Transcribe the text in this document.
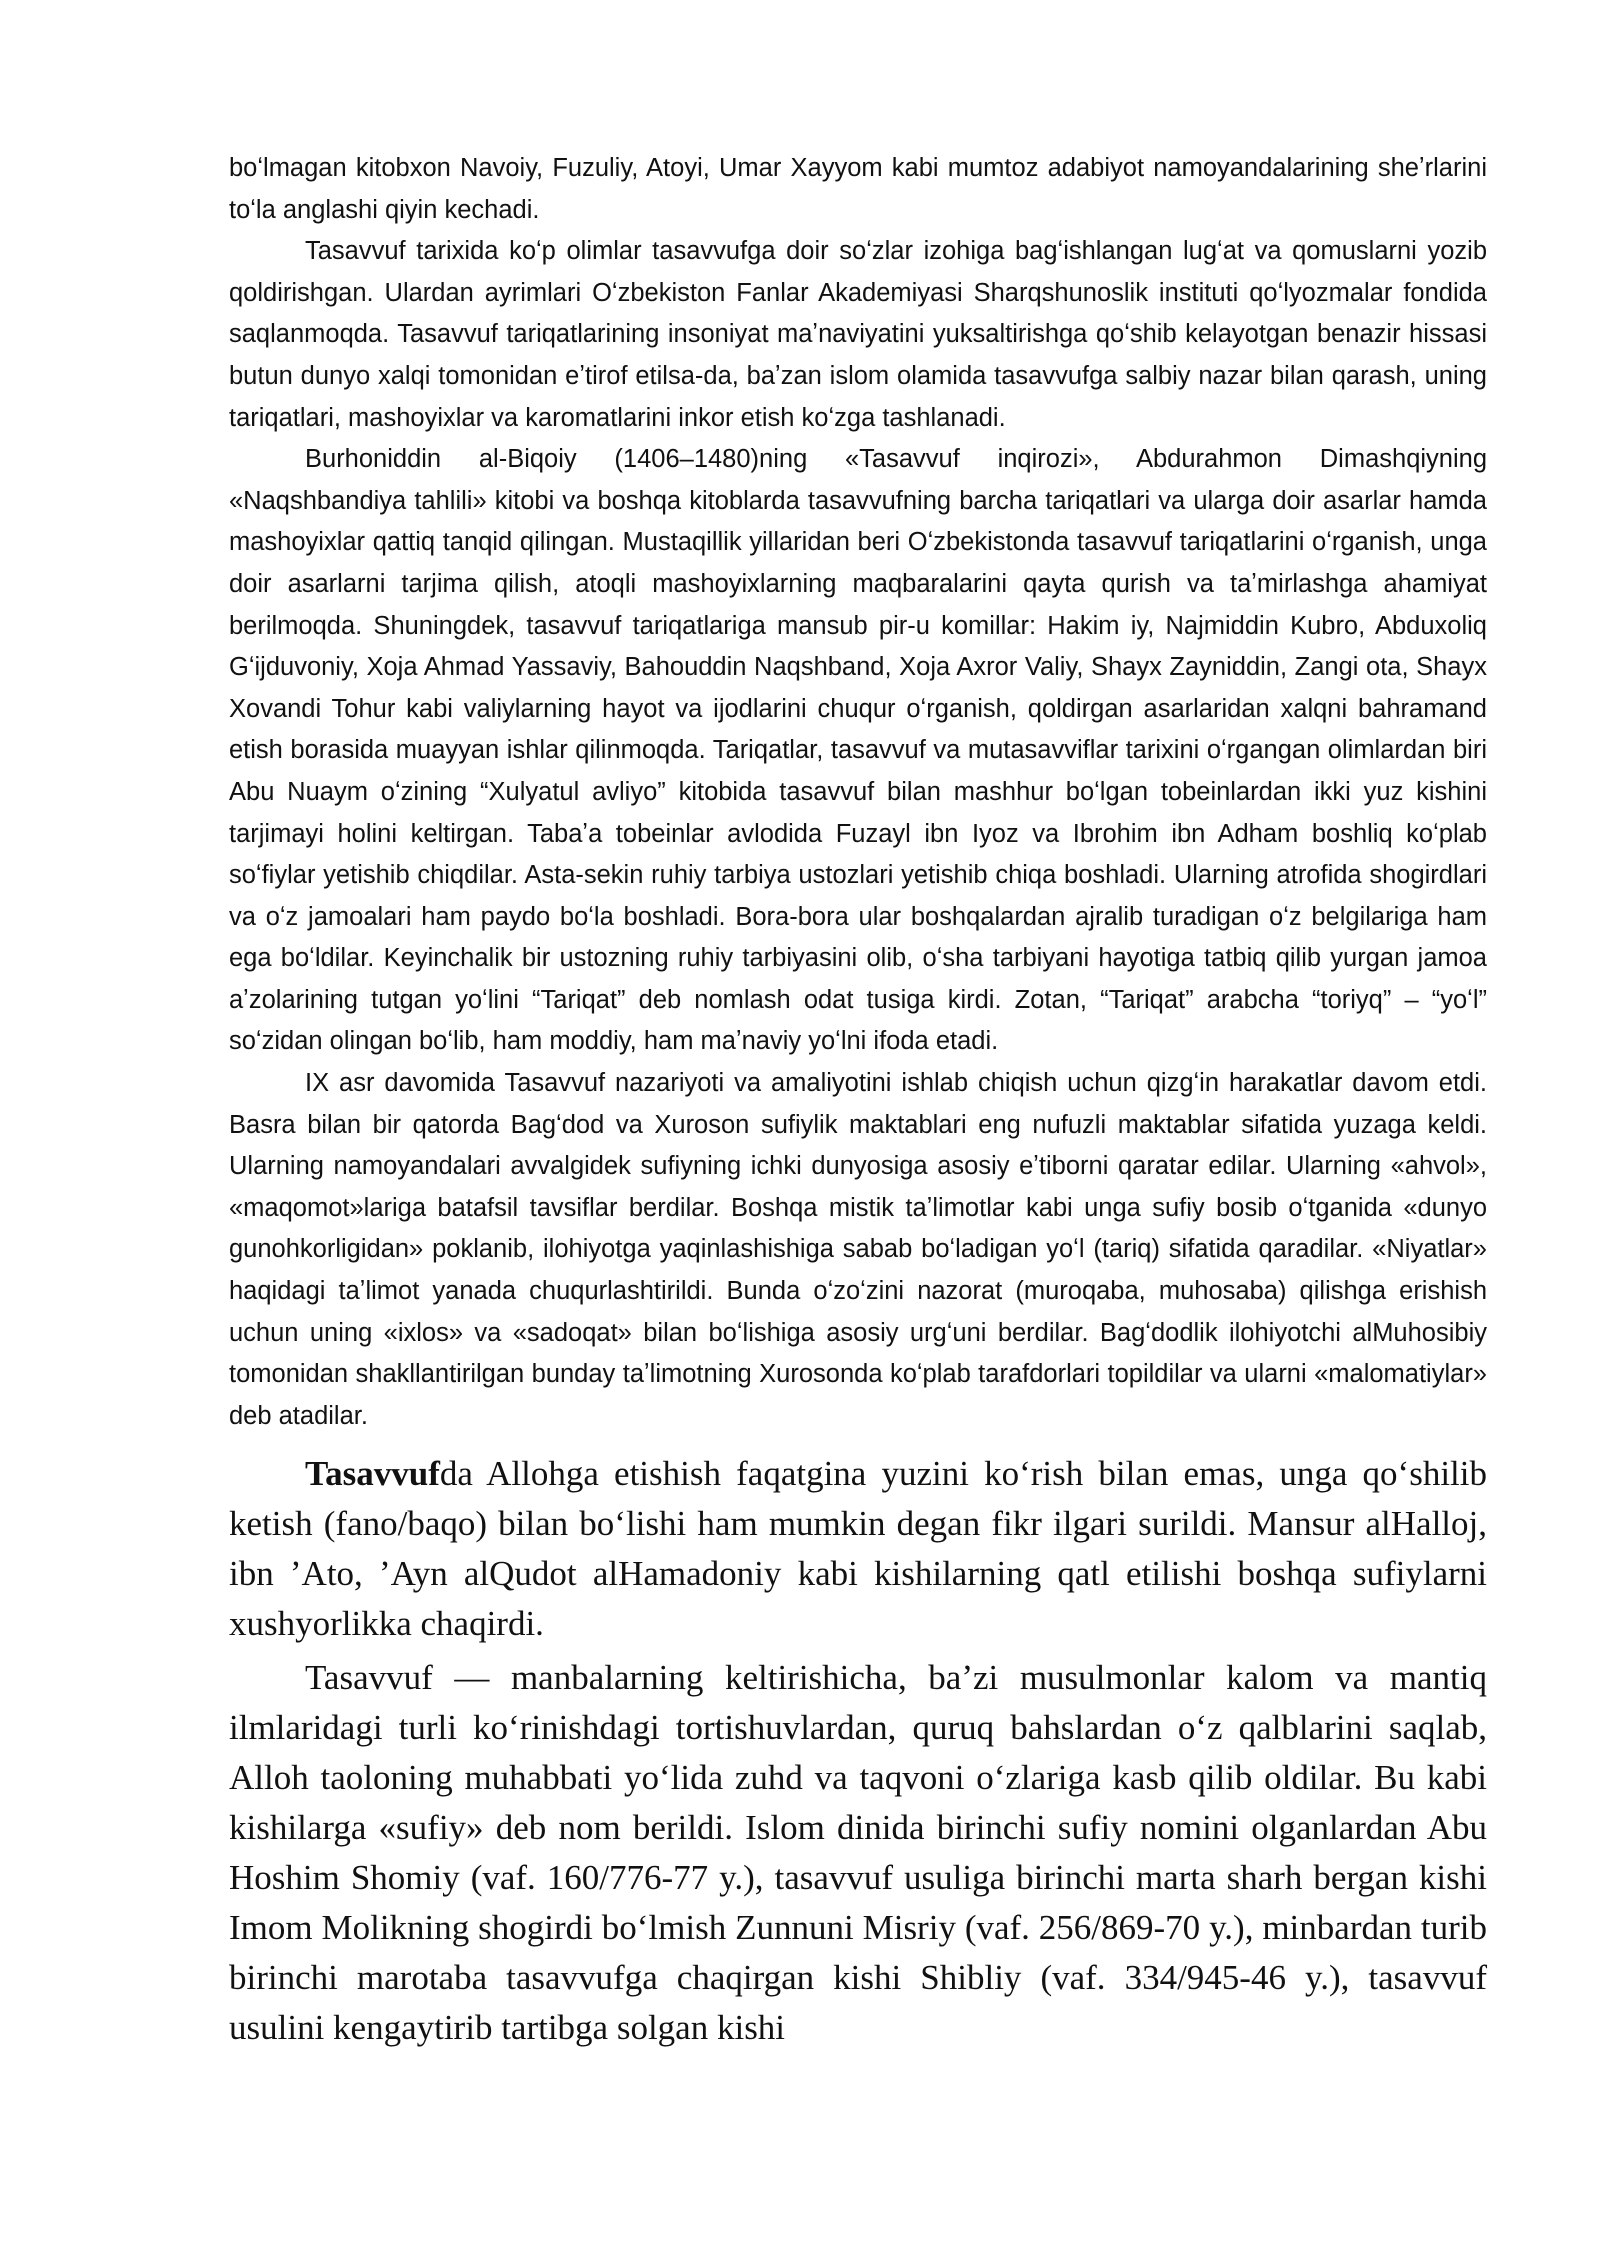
boʻlmagan kitobxon Navoiy, Fuzuliy, Atoyi, Umar Xayyom kabi mumtoz adabiyot namoyandalarining sheʼrlarini toʻla anglashi qiyin kechadi.

Tasavvuf tarixida koʻp olimlar tasavvufga doir soʻzlar izohiga bagʻishlangan lugʻat va qomuslarni yozib qoldirishgan. Ulardan ayrimlari Oʻzbekiston Fanlar Akademiyasi Sharqshunoslik instituti qoʻlyozmalar fondida saqlanmoqda. Tasavvuf tariqatlarining insoniyat maʼnaviyatini yuksaltirishga qoʻshib kelayotgan benazir hissasi butun dunyo xalqi tomonidan eʼtirof etilsa-da, baʼzan islom olamida tasavvufga salbiy nazar bilan qarash, uning tariqatlari, mashoyixlar va karomatlarini inkor etish koʻzga tashlanadi.

Burhoniddin al-Biqoiy (1406–1480)ning «Tasavvuf inqirozi», Abdurahmon Dimashqiyning «Naqshbandiya tahlili» kitobi va boshqa kitoblarda tasavvufning barcha tariqatlari va ularga doir asarlar hamda mashoyixlar qattiq tanqid qilingan. Mustaqillik yillaridan beri Oʻzbekistonda tasavvuf tariqatlarini oʻrganish, unga doir asarlarni tarjima qilish, atoqli mashoyixlarning maqbaralarini qayta qurish va taʼmirlashga ahamiyat berilmoqda. Shuningdek, tasavvuf tariqatlariga mansub pir-u komillar: Hakim iy, Najmiddin Kubro, Abduxoliq Gʻijduvoniy, Xoja Ahmad Yassaviy, Bahouddin Naqshband, Xoja Axror Valiy, Shayx Zayniddin, Zangi ota, Shayx Xovandi Tohur kabi valiylarning hayot va ijodlarini chuqur oʻrganish, qoldirgan asarlaridan xalqni bahramand etish borasida muayyan ishlar qilinmoqda. Tariqatlar, tasavvuf va mutasavviflar tarixini oʻrgangan olimlardan biri Abu Nuaym oʻzining “Xulyatul avliyo” kitobida tasavvuf bilan mashhur boʻlgan tobeinlardan ikki yuz kishini tarjimayi holini keltirgan. Tabaʼa tobeinlar avlodida Fuzayl ibn Iyoz va Ibrohim ibn Adham boshliq koʻplab soʻfiylar yetishib chiqdilar. Asta-sekin ruhiy tarbiya ustozlari yetishib chiqa boshladi. Ularning atrofida shogirdlari va oʻz jamoalari ham paydo boʻla boshladi. Bora-bora ular boshqalardan ajralib turadigan oʻz belgilariga ham ega boʻldilar. Keyinchalik bir ustozning ruhiy tarbiyasini olib, oʻsha tarbiyani hayotiga tatbiq qilib yurgan jamoa aʼzolarining tutgan yoʻlini “Tariqat” deb nomlash odat tusiga kirdi. Zotan, “Tariqat” arabcha “toriyq” – “yoʻl” soʻzidan olingan boʻlib, ham moddiy, ham maʼnaviy yoʻlni ifoda etadi.

IX asr davomida Tasavvuf nazariyoti va amaliyotini ishlab chiqish uchun qizgʻin harakatlar davom etdi. Basra bilan bir qatorda Bagʻdod va Xuroson sufiylik maktablari eng nufuzli maktablar sifatida yuzaga keldi. Ularning namoyandalari avvalgidek sufiyning ichki dunyosiga asosiy eʼtiborni qaratar edilar. Ularning «ahvol», «maqomot»lariga batafsil tavsiflar berdilar. Boshqa mistik taʼlimotlar kabi unga sufiy bosib oʻtganida «dunyo gunohkorligidan» poklanib, ilohiyotga yaqinlashishiga sabab boʻladigan yoʻl (tariq) sifatida qaradilar. «Niyatlar» haqidagi taʼlimot yanada chuqurlashtirildi. Bunda oʻzoʻzini nazorat (muroqaba, muhosaba) qilishga erishish uchun uning «ixlos» va «sadoqat» bilan boʻlishiga asosiy urgʻuni berdilar. Bagʻdodlik ilohiyotchi alMuhosibiy tomonidan shakllantirilgan bunday taʼlimotning Xurosonda koʻplab tarafdorlari topildilar va ularni «malomatiylar» deb atadilar.

Tasavvufda Allohga etishish faqatgina yuzini koʻrish bilan emas, unga qoʻshilib ketish (fano/baqo) bilan boʻlishi ham mumkin degan fikr ilgari surildi. Mansur alHalloj, ibn ʼAto, ʼAyn alQudot alHamadoniy kabi kishilarning qatl etilishi boshqa sufiylarni xushyorlikka chaqirdi.

Tasavvuf — manbalarning keltirishicha, baʼzi musulmonlar kalom va mantiq ilmlaridagi turli koʻrinishdagi tortishuvlardan, quruq bahslardan oʻz qalblarini saqlab, Alloh taoloning muhabbati yoʻlida zuhd va taqvoni oʻzlariga kasb qilib oldilar. Bu kabi kishilarga «sufiy» deb nom berildi. Islom dinida birinchi sufiy nomini olganlardan Abu Hoshim Shomiy (vaf. 160/776-77 y.), tasavvuf usuliga birinchi marta sharh bergan kishi Imom Molikning shogirdi boʻlmish Zunnuni Misriy (vaf. 256/869-70 y.), minbardan turib birinchi marotaba tasavvufga chaqirgan kishi Shibliy (vaf. 334/945-46 y.), tasavvuf usulini kengaytirib tartibga solgan kishi
